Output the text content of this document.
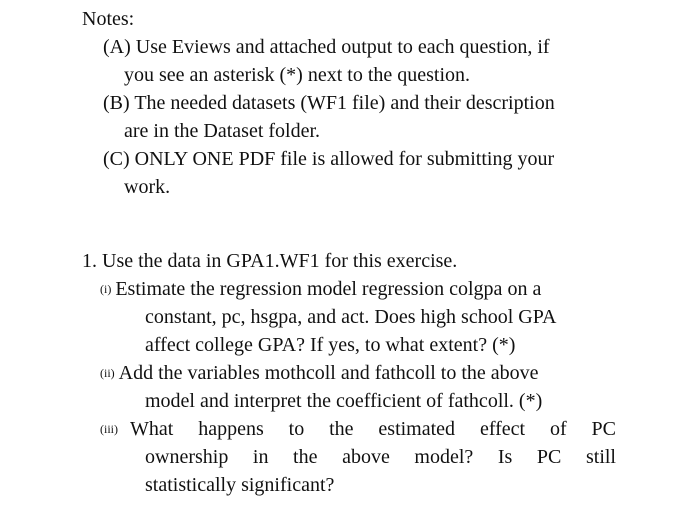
Notes:
(A) Use Eviews and attached output to each question, if
you see an asterisk (*) next to the question.
(B) The needed datasets (WF1 file) and their description
are in the Dataset folder.
(C) ONLY ONE PDF file is allowed for submitting your
work.
1. Use the data in GPA1.WF1 for this exercise.
(i) Estimate the regression model regression colgpa on a
constant, pc, hsgpa, and act. Does high school GPA
affect college GPA? If yes, to what extent? (*)
(ii) Add the variables mothcoll and fathcoll to the above
model and interpret the coefficient of fathcoll. (*)
(iii) What happens to the estimated effect of PC
ownership in the above model? Is PC still
statistically significant?
